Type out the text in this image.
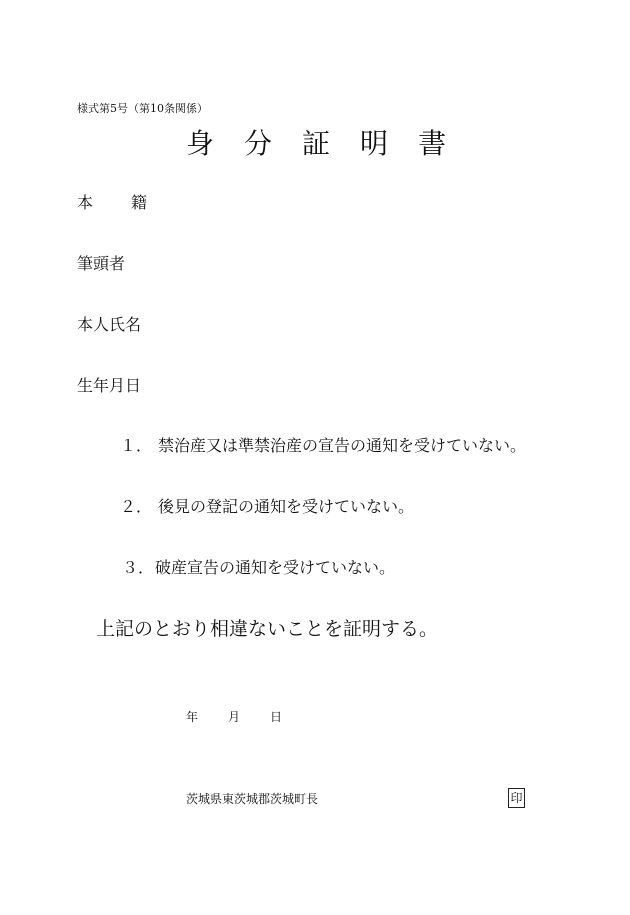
様式第5号（第10条関係）
身 分 証 明 書
本 籍
筆頭者
本人氏名
生年月日
１． 禁治産又は準禁治産の宣告の通知を受けていない。
２． 後見の登記の通知を受けていない。
３．破産宣告の通知を受けていない。
上記のとおり相違ないことを証明する。
年	月	日
茨城県東茨城郡茨城町長	印
